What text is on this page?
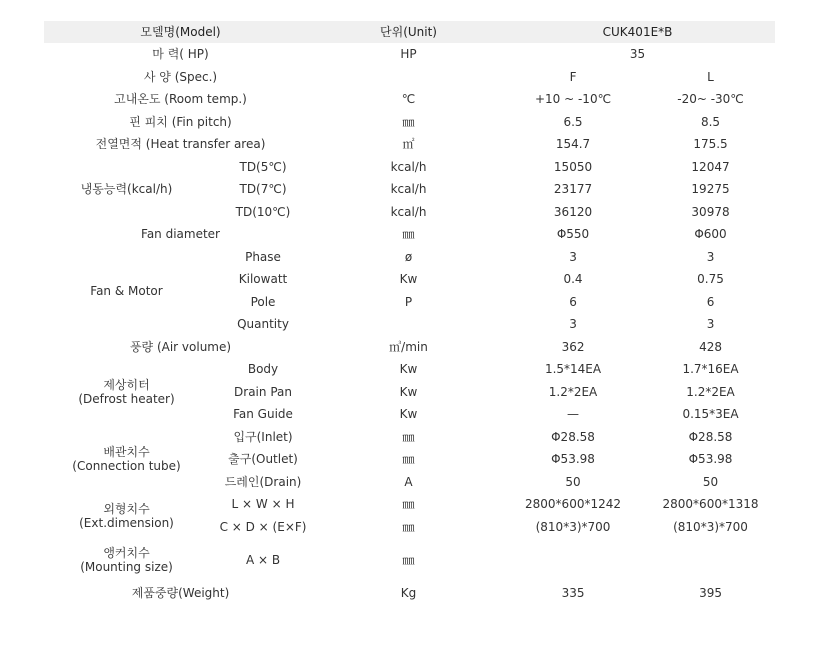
모델명(Model)		단위(Unit)	CUK401E*B	
마 력( HP)		HP	35	
사 양 (Spec.)			F	L
고내온도 (Room temp.)		℃	+10 ~ -10℃	-20~ -30℃
핀 피치 (Fin pitch)		㎜	6.5	8.5
전열면적 (Heat transfer area)		㎡	154.7	175.5
냉동능력(kcal/h)	TD(5℃)	kcal/h	15050	12047
	TD(7℃)	kcal/h	23177	19275
	TD(10℃)	kcal/h	36120	30978
Fan diameter		㎜	Φ550	Φ600
Fan & Motor	Phase	ø	3	3
	Kilowatt	Kw	0.4	0.75
	Pole	P	6	6
	Quantity		3	3
풍량 (Air volume)		㎥/min	362	428
제상히터
(Defrost heater)	Body	Kw	1.5*14EA	1.7*16EA
	Drain Pan	Kw	1.2*2EA	1.2*2EA
	Fan Guide	Kw	—	0.15*3EA
배관치수
(Connection tube)	입구(Inlet)	㎜	Φ28.58	Φ28.58
	출구(Outlet)	㎜	Φ53.98	Φ53.98
	드레인(Drain)	A	50	50
외형치수
(Ext.dimension)	L × W × H	㎜	2800*600*1242	2800*600*1318
	C × D × (E×F)	㎜	(810*3)*700	(810*3)*700
앵커치수
(Mounting size)	A × B	㎜		
제품중량(Weight)		Kg	335	395
